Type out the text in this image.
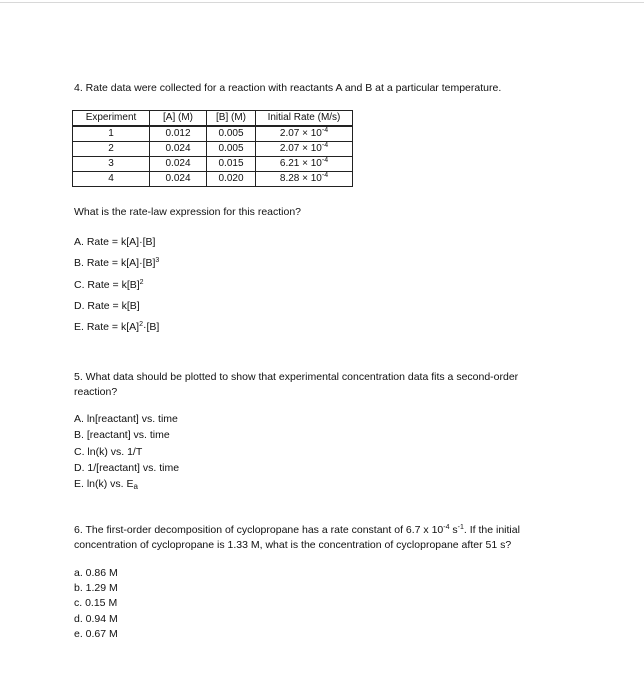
4. Rate data were collected for a reaction with reactants A and B at a particular temperature.

Experiment	[A] (M)	[B] (M)	Initial Rate (M/s)
1	0.012	0.005	$2.07 \times 10^{-4}$
2	0.024	0.005	$2.07 \times 10^{-4}$
3	0.024	0.015	$6.21 \times 10^{-4}$
4	0.024	0.020	$8.28 \times 10^{-4}$
What is the rate-law expression for this reaction?
A. Rate = k[A]·[B]
B. Rate = $k[A]\cdot[B]^3$
C. Rate = $k[B]^2$
D. Rate = k[B]
E. Rate = $k[A]^2\cdot[B]$
5. What data should be plotted to show that experimental concentration data fits a second-order reaction?
A. ln[reactant] vs. time
B. [reactant] vs. time
C. ln(k) vs. 1/T
D. 1/[reactant] vs. time
E. ln(k) vs. $E_a$
6. The first-order decomposition of cyclopropane has a rate constant of 6.7 x $10^{-4}$ $s^{-1}$. If the initial concentration of cyclopropane is 1.33 M, what is the concentration of cyclopropane after 51 s?
a. 0.86 M
b. 1.29 M
c. 0.15 M
d. 0.94 M
e. 0.67 M
